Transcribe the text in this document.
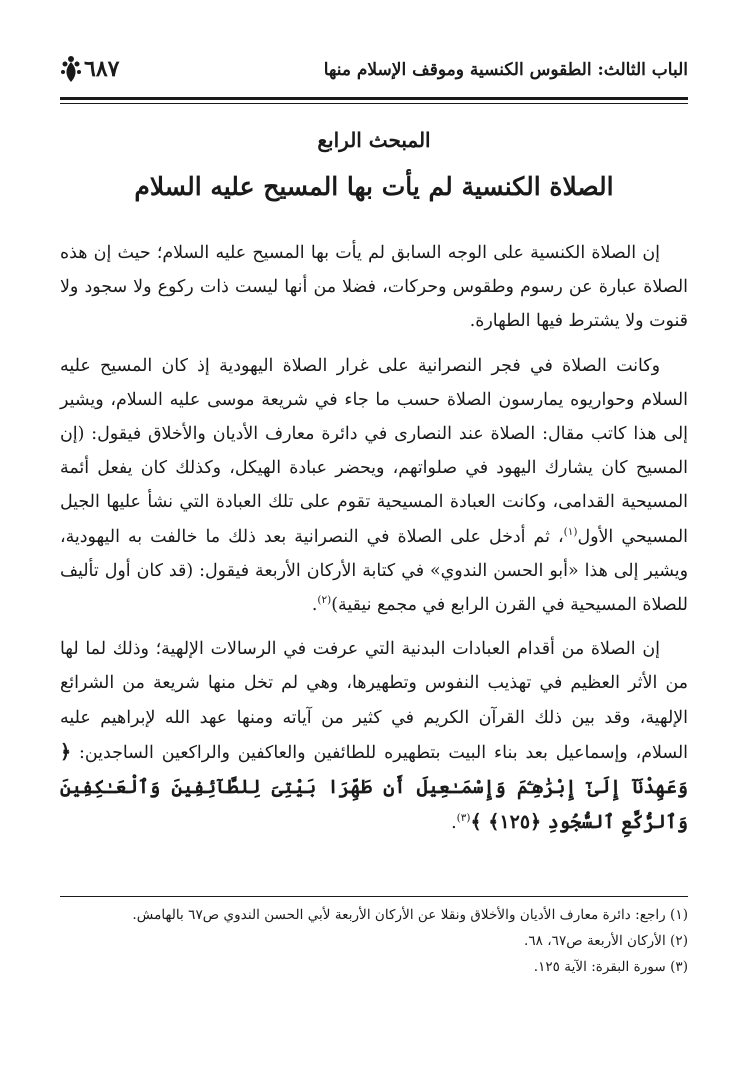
الباب الثالث: الطقوس الكنسية وموقف الإسلام منها
٦٨٧
المبحث الرابع
الصلاة الكنسية لم يأت بها المسيح عليه السلام

إن الصلاة الكنسية على الوجه السابق لم يأت بها المسيح عليه السلام؛ حيث إن هذه الصلاة عبارة عن رسوم وطقوس وحركات، فضلا من أنها ليست ذات ركوع ولا سجود ولا قنوت ولا يشترط فيها الطهارة.

وكانت الصلاة في فجر النصرانية على غرار الصلاة اليهودية إذ كان المسيح عليه السلام وحواريوه يمارسون الصلاة حسب ما جاء في شريعة موسى عليه السلام، ويشير إلى هذا كاتب مقال: الصلاة عند النصارى في دائرة معارف الأديان والأخلاق فيقول: (إن المسيح كان يشارك اليهود في صلواتهم، ويحضر عبادة الهيكل، وكذلك كان يفعل أئمة المسيحية القدامى، وكانت العبادة المسيحية تقوم على تلك العبادة التي نشأ عليها الجيل المسيحي الأول$^{(١)}$، ثم أدخل على الصلاة في النصرانية بعد ذلك ما خالفت به اليهودية، ويشير إلى هذا «أبو الحسن الندوي» في كتابة الأركان الأربعة فيقول: (قد كان أول تأليف للصلاة المسيحية في القرن الرابع في مجمع نيقية)$^{(٢)}$.

إن الصلاة من أقدام العبادات البدنية التي عرفت في الرسالات الإلهية؛ وذلك لما لها من الأثر العظيم في تهذيب النفوس وتطهيرها، وهي لم تخل منها شريعة من الشرائع الإلهية، وقد بين ذلك القرآن الكريم في كثير من آياته ومنها عهد الله لإبراهيم عليه السلام، وإسماعيل بعد بناء البيت بتطهيره للطائفين والعاكفين والراكعين الساجدين: ﴿ وَعَهِدْنَآ إِلَىٰٓ إِبْرَٰهِـۧمَ وَإِسْمَـٰعِيلَ أَن طَهِّرَا بَيْتِىَ لِلطَّآئِفِينَ وَٱلْعَـٰكِفِينَ وَٱلرُّكَّعِ ٱلسُّجُودِ ﴿١٢٥﴾ ﴾$^{(٣)}$.

(١) راجع: دائرة معارف الأديان والأخلاق ونقلا عن الأركان الأربعة لأبي الحسن الندوي ص٦٧ بالهامش.

(٢) الأركان الأربعة ص٦٧، ٦٨.

(٣) سورة البقرة: الآية ١٢٥.
